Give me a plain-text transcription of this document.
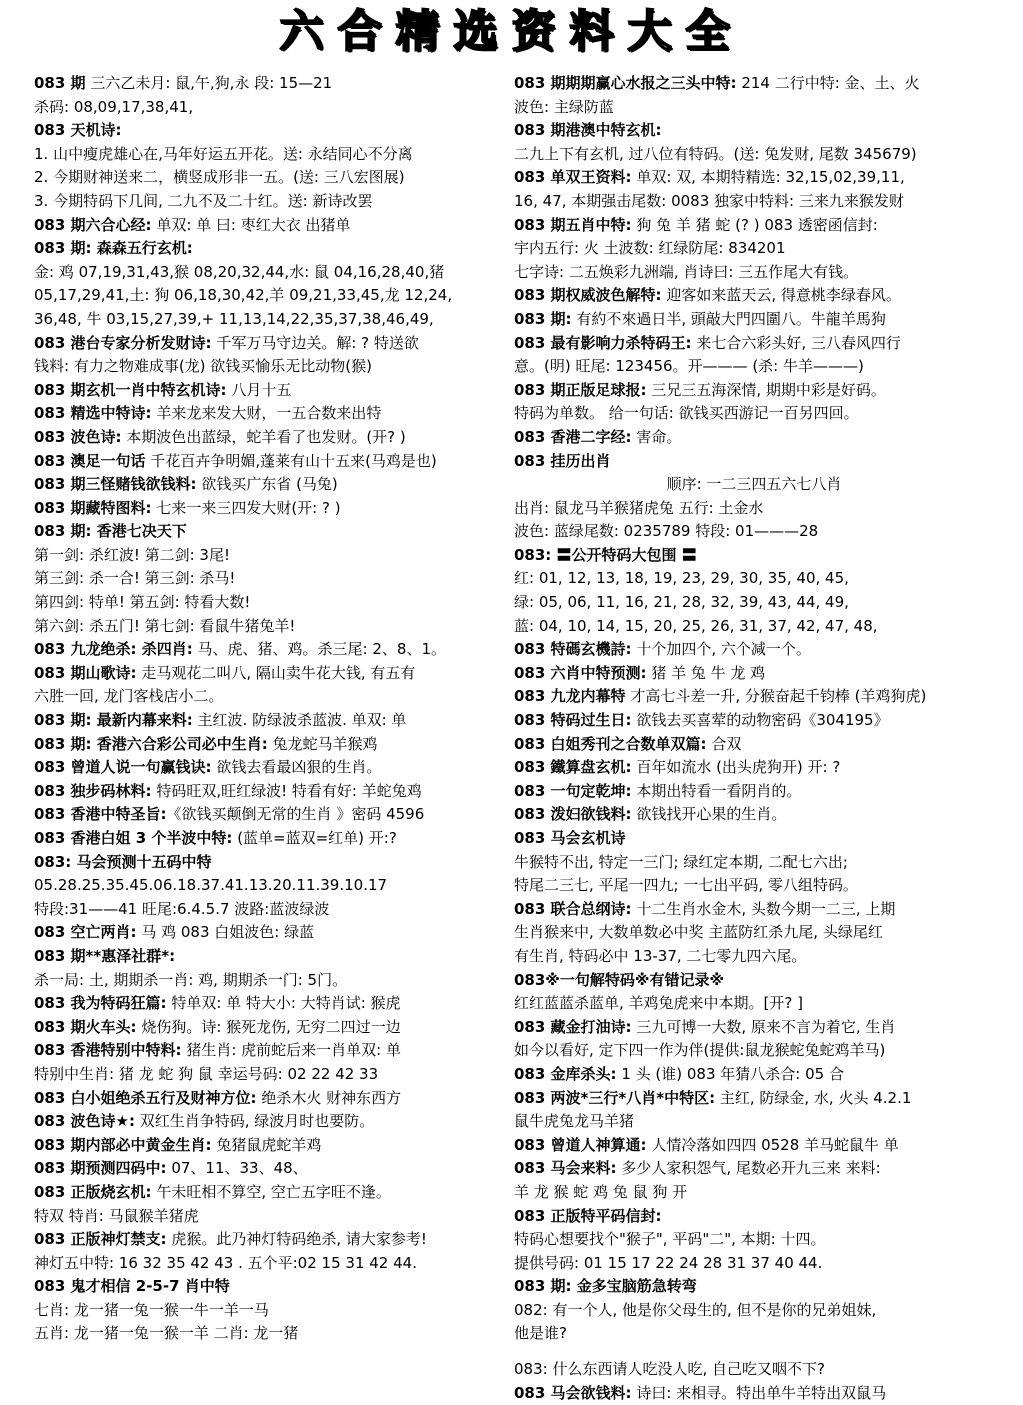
六合精选资料大全
083 期 三六乙未月: 鼠,午,狗,永 段: 15—21
杀码: 08,09,17,38,41,
083 天机诗:
1. 山中瘦虎雄心在,马年好运五开花。送: 永结同心不分离
2. 今期财神送来二，横竖成形非一五。(送: 三八宏图展)
3. 今期特码下几间, 二九不及二十红。送: 新诗改罢
083 期六合心经: 单双: 单 曰: 枣红大衣 出猪单
083 期: 森森五行玄机:
金: 鸡 07,19,31,43,猴 08,20,32,44,水: 鼠 04,16,28,40,猪
05,17,29,41,土: 狗 06,18,30,42,羊 09,21,33,45,龙 12,24,
36,48, 牛 03,15,27,39,+ 11,13,14,22,35,37,38,46,49,
083 港台专家分析发财诗: 千军万马守边关。解: ? 特送欲
钱料: 有力之物难成事(龙) 欲钱买愉乐无比动物(猴)
083 期玄机一肖中特玄机诗: 八月十五
083 精选中特诗: 羊来龙来发大财，一五合数来出特
083 波色诗: 本期波色出蓝绿，蛇羊看了也发财。(开? )
083 澳足一句话 千花百卉争明媚,蓬莱有山十五来(马鸡是也)
083 期三怪赌钱欲钱料: 欲钱买广东省 (马兔)
083 期藏特图料: 七来一来三四发大财(开: ? )
083 期: 香港七决天下
第一剑: 杀红波! 第二剑: 3尾!
第三剑: 杀一合! 第三剑: 杀马!
第四剑: 特单! 第五剑: 特看大数!
第六剑: 杀五门! 第七剑: 看鼠牛猪兔羊!
083 九龙绝杀: 杀四肖: 马、虎、猪、鸡。杀三尾: 2、8、1。
083 期山歌诗: 走马观花二叫八, 隔山卖牛花大钱, 有五有
六胜一回, 龙门客栈店小二。
083 期: 最新内幕来料: 主红波. 防绿波杀蓝波. 单双: 单
083 期: 香港六合彩公司必中生肖: 兔龙蛇马羊猴鸡
083 曾道人说一句赢钱诀: 欲钱去看最凶狠的生肖。
083 独步码林料: 特码旺双,旺红绿波! 特看有好: 羊蛇兔鸡
083 香港中特圣旨:《欲钱买颠倒无常的生肖 》密码 4596
083 香港白姐 3 个半波中特: (蓝单=蓝双=红单) 开:?
083: 马会预测十五码中特
05.28.25.35.45.06.18.37.41.13.20.11.39.10.17
特段:31——41 旺尾:6.4.5.7 波路:蓝波绿波
083 空亡两肖: 马 鸡 083 白姐波色: 绿蓝
083 期**惠泽社群*:
杀一局: 土, 期期杀一肖: 鸡, 期期杀一门: 5门。
083 我为特码狂篇: 特单双: 单 特大小: 大特肖试: 猴虎
083 期火车头: 烧伤狗。诗: 猴死龙伤, 无穷二四过一边
083 香港特别中特料: 猪生肖: 虎前蛇后来一肖单双: 单
特别中生肖: 猪 龙 蛇 狗 鼠 幸运号码: 02 22 42 33
083 白小姐绝杀五行及财神方位: 绝杀木火 财神东西方
083 波色诗★: 双红生肖争特码, 绿波月时也要防。
083 期内部必中黄金生肖: 兔猪鼠虎蛇羊鸡
083 期预测四码中: 07、11、33、48、
083 正版烧玄机: 午未旺相不算空, 空亡五字旺不逢。
特双 特肖: 马鼠猴羊猪虎
083 正版神灯禁支: 虎猴。此乃神灯特码绝杀, 请大家参考!
神灯五中特: 16 32 35 42 43 . 五个平:02 15 31 42 44.
083 鬼才相信 2-5-7 肖中特
七肖: 龙一猪一兔一猴一牛一羊一马
五肖: 龙一猪一兔一猴一羊 二肖: 龙一猪
083 期期期赢心水报之三头中特: 214 二行中特: 金、土、火
波色: 主绿防蓝
083 期港澳中特玄机:
二九上下有玄机, 过八位有特码。(送: 兔发财, 尾数 345679)
083 单双王资料: 单双: 双, 本期特精选: 32,15,02,39,11,
16, 47, 本期强击尾数: 0083 独家中特料: 三来九来猴发财
083 期五肖中特: 狗 兔 羊 猪 蛇 (? ) 083 透密函信封:
宇内五行: 火 土波数: 红绿防尾: 834201
七字诗: 二五焕彩九洲端, 肖诗曰: 三五作尾大有钱。
083 期权威波色解特: 迎客如来蓝天云, 得意桃李绿春风。
083 期: 有約不來過日半, 頭敲大門四圍八。牛龍羊馬狗
083 最有影响力杀特码王: 来七合六彩头好, 三八春风四行
意。(明) 旺尾: 123456。开——— (杀: 牛羊———)
083 期正版足球报: 三兄三五海深情, 期期中彩是好码。
特码为单数。 给一句话: 欲钱买西游记一百另四回。
083 香港二字经: 害命。
083 挂历出肖
顺序: 一二三四五六七八肖
出肖: 鼠龙马羊猴猪虎兔 五行: 土金水
波色: 蓝绿尾数: 0235789 特段: 01———28
083: 〓公开特码大包围 〓
红: 01, 12, 13, 18, 19, 23, 29, 30, 35, 40, 45,
绿: 05, 06, 11, 16, 21, 28, 32, 39, 43, 44, 49,
蓝: 04, 10, 14, 15, 20, 25, 26, 31, 37, 42, 47, 48,
083 特碼玄機詩: 十个加四个, 六个减一个。
083 六肖中特预测: 猪 羊 兔 牛 龙 鸡
083 九龙内幕特 才高七斗差一升, 分猴奋起千钧棒 (羊鸡狗虎)
083 特码过生日: 欲钱去买喜荤的动物密码《304195》
083 白姐秀刊之合数单双篇: 合双
083 鐵算盘玄机: 百年如流水 (出头虎狗开) 开: ?
083 一句定乾坤: 本期出特看一看阴肖的。
083 泼妇欲钱料: 欲钱找开心果的生肖。
083 马会玄机诗
牛猴特不出, 特定一三门; 绿红定本期, 二配七六出;
特尾二三七, 平尾一四九; 一七出平码, 零八组特码。
083 联合总纲诗: 十二生肖水金木, 头数今期一二三, 上期
生肖猴来中, 大数单数必中奖 主蓝防红杀九尾, 头绿尾红
有生肖, 特码必中 13-37, 二七零九四六尾。
083※一句解特码※有错记录※
红红蓝蓝杀蓝单, 羊鸡兔虎来中本期。[开? ]
083 藏金打油诗: 三九可博一大数, 原来不言为着它, 生肖
如今以看好, 定下四一作为伴(提供:鼠龙猴蛇兔蛇鸡羊马)
083 金库杀头: 1 头 (谁) 083 年猜八杀合: 05 合
083 两波*三行*八肖*中特区: 主红, 防绿金, 水, 火头 4.2.1
鼠牛虎兔龙马羊猪
083 曾道人神算通: 人情冷落如四四 0528 羊马蛇鼠牛 单
083 马会来料: 多少人家积怨气, 尾数必开九三来 来料:
羊 龙 猴 蛇 鸡 兔 鼠 狗 开
083 正版特平码信封:
特码心想要找个"猴子", 平码"二", 本期: 十四。
提供号码: 01 15 17 22 24 28 31 37 40 44.
083 期: 金多宝脑筋急转弯
082: 有一个人, 他是你父母生的, 但不是你的兄弟姐妹,
他是谁?
083: 什么东西请人吃没人吃, 自己吃又咽不下?
083 马会欲钱料: 诗曰: 来相寻。特出单牛羊特出双鼠马
